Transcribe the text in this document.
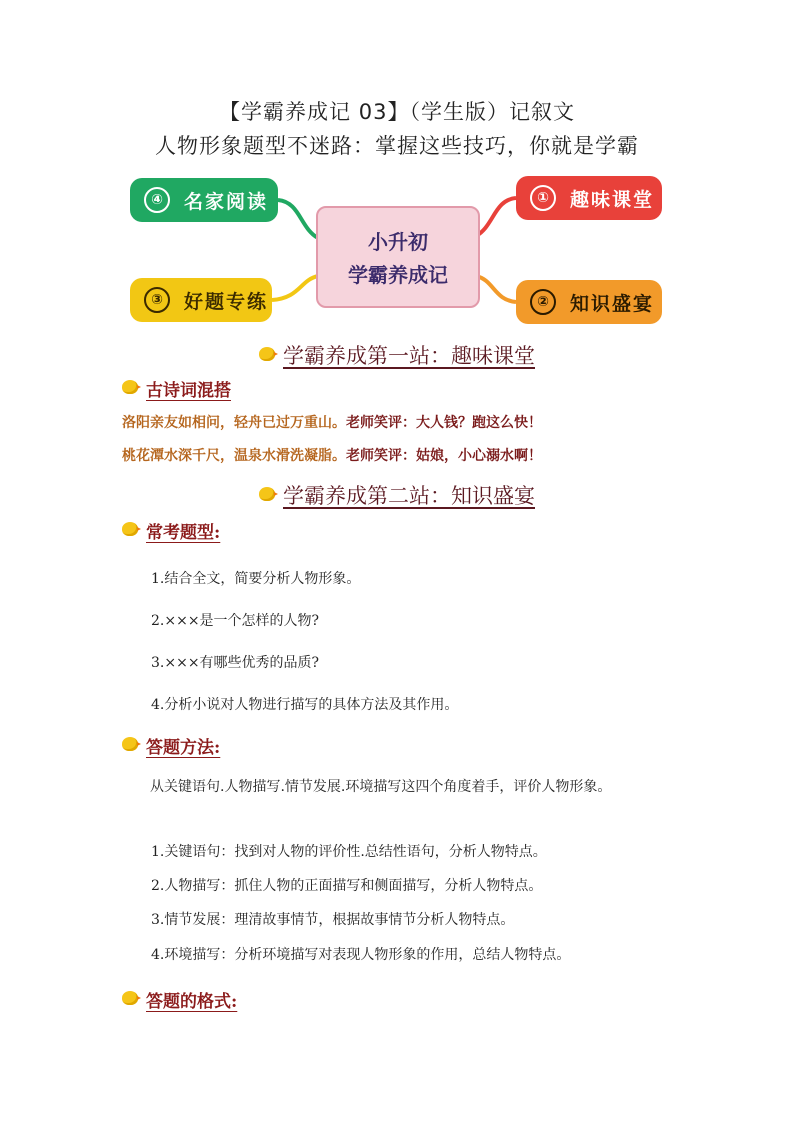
【学霸养成记 03】（学生版）记叙文
人物形象题型不迷路：掌握这些技巧，你就是学霸
④	名家阅读
③	好题专练
①	趣味课堂
②	知识盛宴
小升初
学霸养成记
学霸养成第一站：趣味课堂
古诗词混搭
洛阳亲友如相问，轻舟已过万重山。老师笑评：大人钱？跑这么快！
桃花潭水深千尺，温泉水滑洗凝脂。老师笑评：姑娘，小心溺水啊！
学霸养成第二站：知识盛宴
常考题型:
1.结合全文，简要分析人物形象。
2.×××是一个怎样的人物?
3.×××有哪些优秀的品质?
4.分析小说对人物进行描写的具体方法及其作用。
答题方法:
从关键语句.人物描写.情节发展.环境描写这四个角度着手，评价人物形象。
1.关键语句：找到对人物的评价性.总结性语句，分析人物特点。
2.人物描写：抓住人物的正面描写和侧面描写，分析人物特点。
3.情节发展：理清故事情节，根据故事情节分析人物特点。
4.环境描写：分析环境描写对表现人物形象的作用，总结人物特点。
答题的格式:
